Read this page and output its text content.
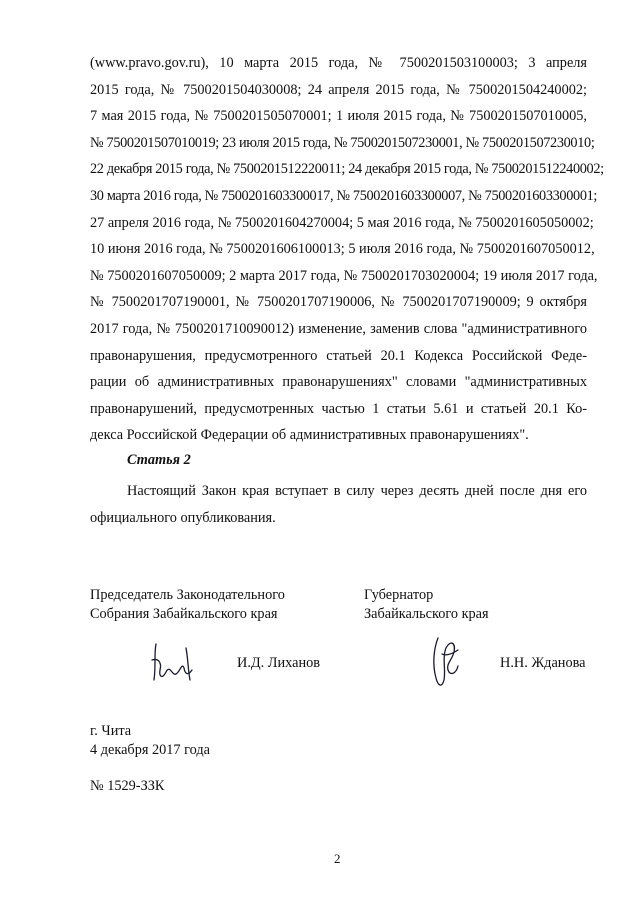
(www.pravo.gov.ru), 10 марта 2015 года, № 7500201503100003; 3 апреля
2015 года, № 7500201504030008; 24 апреля 2015 года, № 7500201504240002;
7 мая 2015 года, № 7500201505070001; 1 июля 2015 года, № 7500201507010005,
№ 7500201507010019; 23 июля 2015 года, № 7500201507230001, № 7500201507230010;
22 декабря 2015 года, № 7500201512220011; 24 декабря 2015 года, № 7500201512240002;
30 марта 2016 года, № 7500201603300017, № 7500201603300007, № 7500201603300001;
27 апреля 2016 года, № 7500201604270004; 5 мая 2016 года, № 7500201605050002;
10 июня 2016 года, № 7500201606100013; 5 июля 2016 года, № 7500201607050012,
№ 7500201607050009; 2 марта 2017 года, № 7500201703020004; 19 июля 2017 года,
№ 7500201707190001, № 7500201707190006, № 7500201707190009; 9 октября
2017 года, № 7500201710090012) изменение, заменив слова "административного
правонарушения, предусмотренного статьей 20.1 Кодекса Российской Феде-
рации об административных правонарушениях" словами "административных
правонарушений, предусмотренных частью 1 статьи 5.61 и статьей 20.1 Ко-
декса Российской Федерации об административных правонарушениях".
Статья 2
Настоящий Закон края вступает в силу через десять дней после дня его
официального опубликования.
Председатель Законодательного
Собрания Забайкальского края
Губернатор
Забайкальского края
И.Д. Лиханов	Н.Н. Жданова
г. Чита
4 декабря 2017 года
№ 1529-ЗЗК
2
